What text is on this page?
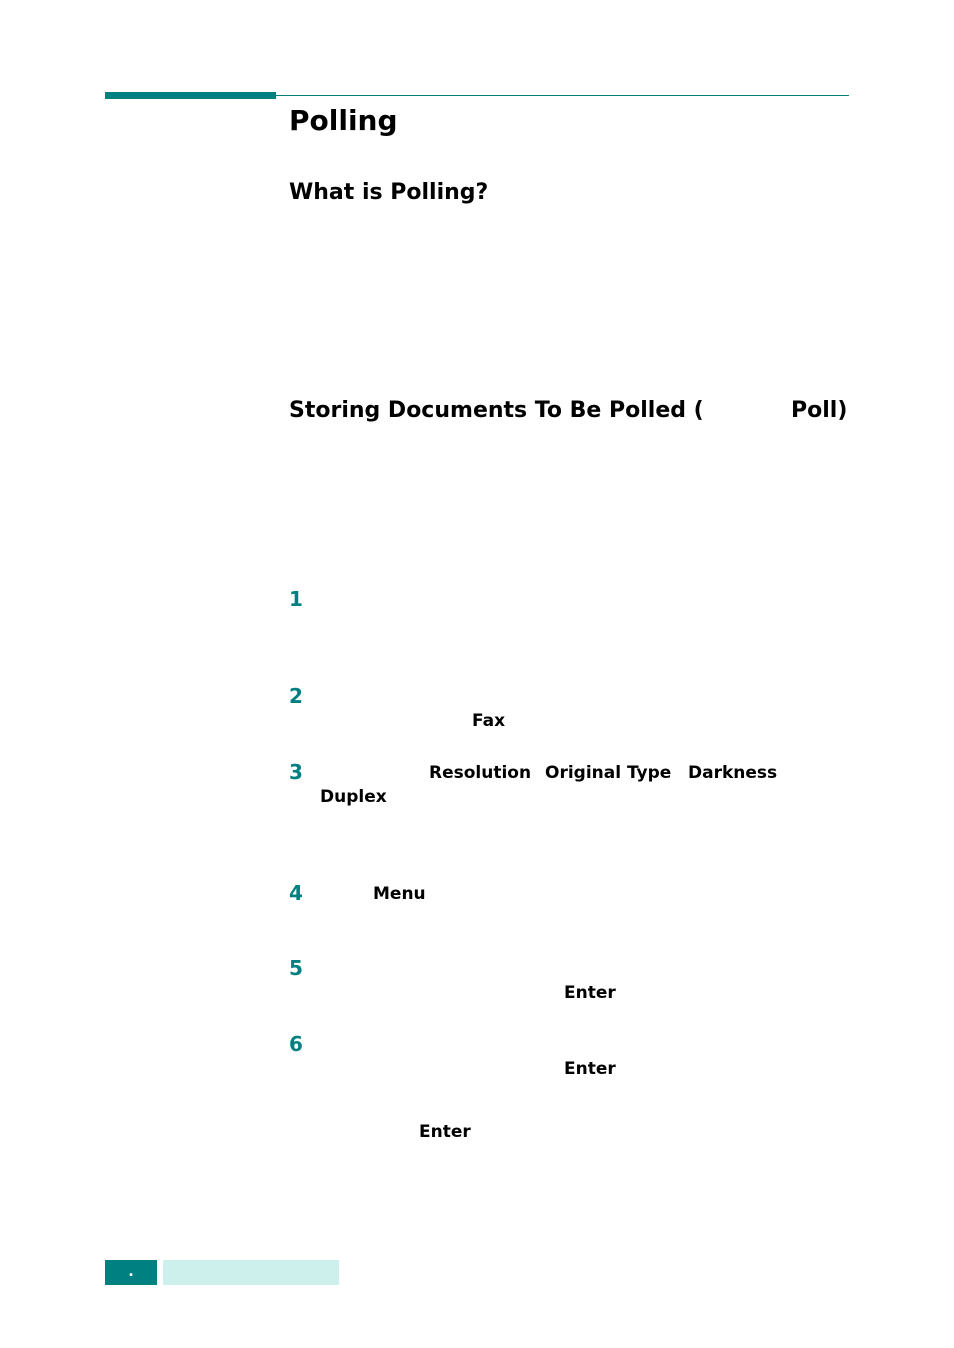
Polling
What is Polling?
Storing Documents To Be Polled (	Poll)
1
2
Fax
3	Resolution Original Type Darkness
Duplex
4	Menu
5
Enter
6
Enter
Enter
.
